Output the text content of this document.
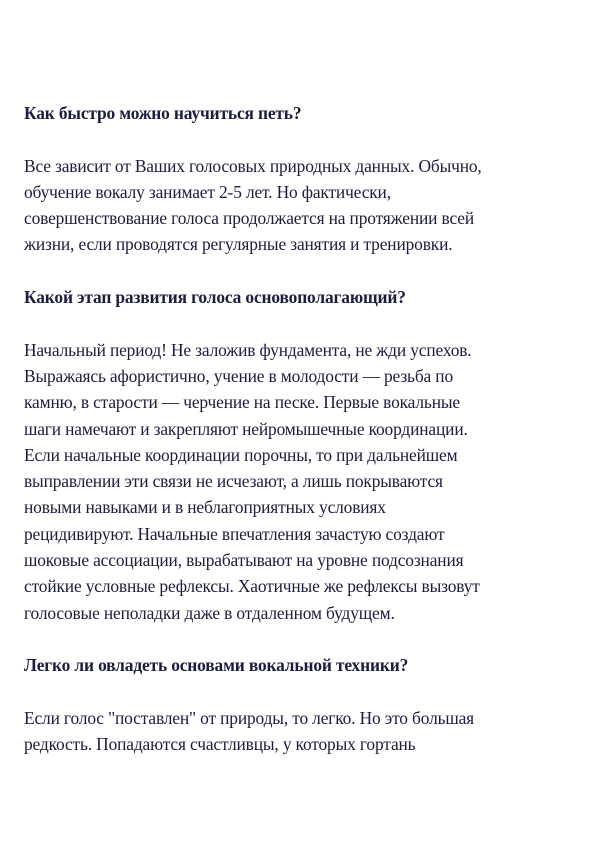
Как быстро можно научиться петь?

Все зависит от Ваших голосовых природных данных. Обычно,
обучение вокалу занимает 2-5 лет. Но фактически,
совершенствование голоса продолжается на протяжении всей
жизни, если проводятся регулярные занятия и тренировки.

Какой этап развития голоса основополагающий?

Начальный период! Не заложив фундамента, не жди успехов.
Выражаясь афористично, учение в молодости — резьба по
камню, в старости — черчение на песке. Первые вокальные
шаги намечают и закрепляют нейромышечные координации.
Если начальные координации порочны, то при дальнейшем
выправлении эти связи не исчезают, а лишь покрываются
новыми навыками и в неблагоприятных условиях
рецидивируют. Начальные впечатления зачастую создают
шоковые ассоциации, вырабатывают на уровне подсознания
стойкие условные рефлексы. Хаотичные же рефлексы вызовут
голосовые неполадки даже в отдаленном будущем.

Легко ли овладеть основами вокальной техники?

Если голос "поставлен" от природы, то легко. Но это большая
редкость. Попадаются счастливцы, у которых гортань
